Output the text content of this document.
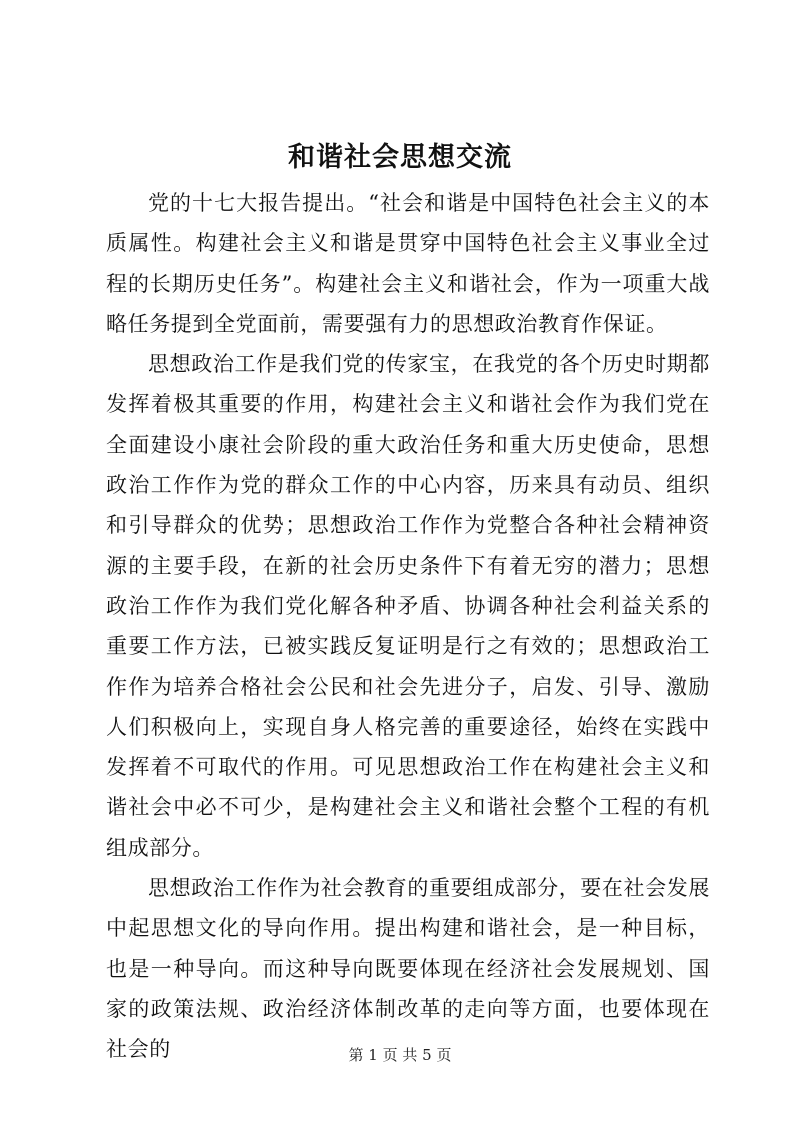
和谐社会思想交流

党的十七大报告提出。“社会和谐是中国特色社会主义的本质属性。构建社会主义和谐是贯穿中国特色社会主义事业全过程的长期历史任务”。构建社会主义和谐社会，作为一项重大战略任务提到全党面前，需要强有力的思想政治教育作保证。

思想政治工作是我们党的传家宝，在我党的各个历史时期都发挥着极其重要的作用，构建社会主义和谐社会作为我们党在全面建设小康社会阶段的重大政治任务和重大历史使命，思想政治工作作为党的群众工作的中心内容，历来具有动员、组织和引导群众的优势；思想政治工作作为党整合各种社会精神资源的主要手段，在新的社会历史条件下有着无穷的潜力；思想政治工作作为我们党化解各种矛盾、协调各种社会利益关系的重要工作方法，已被实践反复证明是行之有效的；思想政治工作作为培养合格社会公民和社会先进分子，启发、引导、激励人们积极向上，实现自身人格完善的重要途径，始终在实践中发挥着不可取代的作用。可见思想政治工作在构建社会主义和谐社会中必不可少，是构建社会主义和谐社会整个工程的有机组成部分。

思想政治工作作为社会教育的重要组成部分，要在社会发展中起思想文化的导向作用。提出构建和谐社会，是一种目标，也是一种导向。而这种导向既要体现在经济社会发展规划、国家的政策法规、政治经济体制改革的走向等方面，也要体现在社会的	第 1 页 共 5 页
